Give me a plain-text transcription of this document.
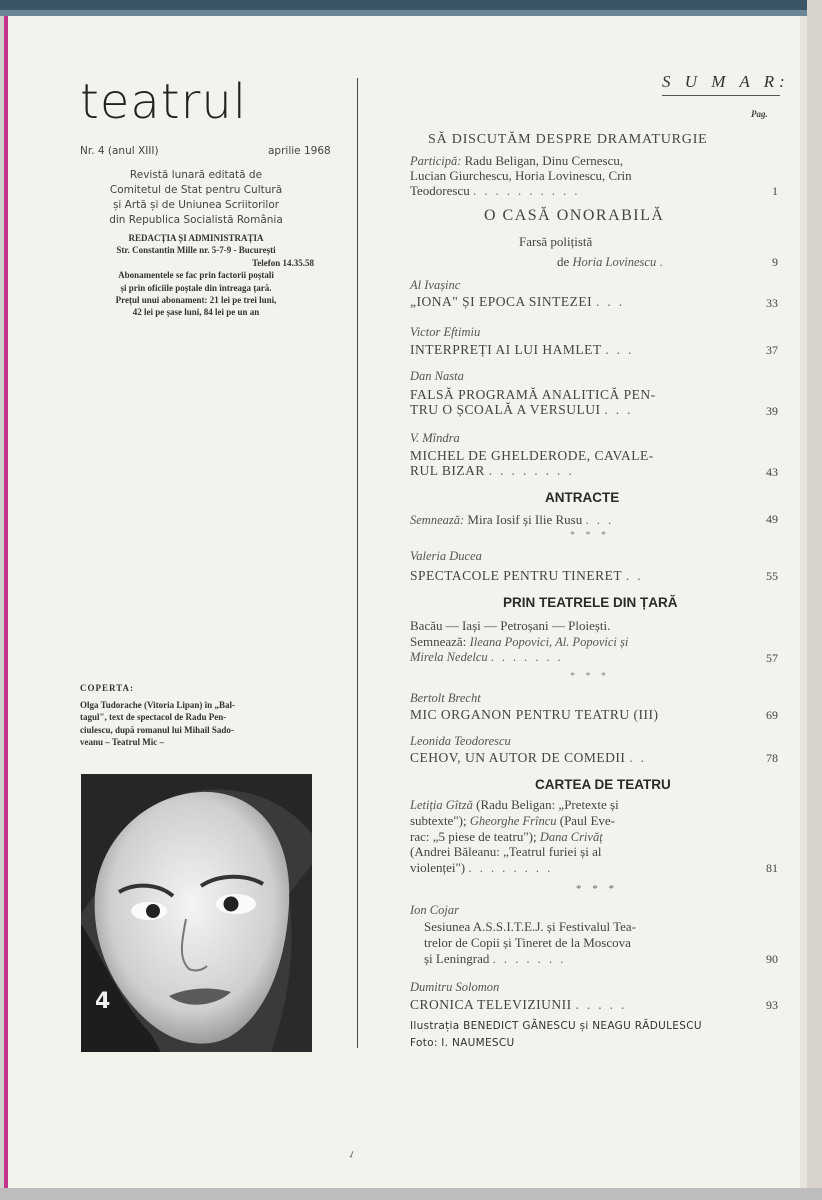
teatrul
Nr. 4 (anul XIII)	aprilie 1968
Revistă lunară editată de
Comitetul de Stat pentru Cultură
și Artă și de Uniunea Scriitorilor
din Republica Socialistă România
REDACȚIA ȘI ADMINISTRAȚIA
Str. Constantin Mille nr. 5-7-9 - București
Telefon 14.35.58
Abonamentele se fac prin factorii poștali
și prin oficiile poștale din întreaga țară.
Prețul unui abonament: 21 lei pe trei luni,
42 lei pe șase luni, 84 lei pe un an
COPERTA:
Olga Tudorache (Vitoria Lipan) în „Bal-
tagul", text de spectacol de Radu Pen-
ciulescu, după romanul lui Mihail Sado-
veanu – Teatrul Mic –
4
S U M A R:
Pag.
SĂ DISCUTĂM DESPRE DRAMATURGIE
Participă: Radu Beligan, Dinu Cernescu,
Lucian Giurchescu, Horia Lovinescu, Crin
Teodorescu ..........	1
O CASĂ ONORABILĂ
Farsă polițistă
de Horia Lovinescu .	9
Al Ivașinc
„IONA" ȘI EPOCA SINTEZEI ...	33
Victor Eftimiu
INTERPREȚI AI LUI HAMLET ...	37
Dan Nasta
FALSĂ PROGRAMĂ ANALITICĂ PEN-
TRU O ȘCOALĂ A VERSULUI ...	39
V. Mîndra
MICHEL DE GHELDERODE, CAVALE-
RUL BIZAR ........	43
ANTRACTE
Semnează: Mira Iosif și Ilie Rusu ...	49
* * *
Valeria Ducea
SPECTACOLE PENTRU TINERET ..	55
PRIN TEATRELE DIN ȚARĂ
Bacău — Iași — Petroșani — Ploiești.
Semnează: Ileana Popovici, Al. Popovici și
Mirela Nedelcu .......	57
* * *
Bertolt Brecht
MIC ORGANON PENTRU TEATRU (III)	69
Leonida Teodorescu
CEHOV, UN AUTOR DE COMEDII ..	78
CARTEA DE TEATRU
Letiția Gîtză (Radu Beligan: „Pretexte și
subtexte"); Gheorghe Frîncu (Paul Eve-
rac: „5 piese de teatru"); Dana Crivăț
(Andrei Băleanu: „Teatrul furiei și al
violenței") ........	81
* * *
Ion Cojar
Sesiunea A.S.S.I.T.E.J. și Festivalul Tea-
trelor de Copii și Tineret de la Moscova
și Leningrad .......	90
Dumitru Solomon
CRONICA TELEVIZIUNII .....	93
Ilustrația BENEDICT GĂNESCU și NEAGU RĂDULESCU
Foto: I. NAUMESCU
✓
